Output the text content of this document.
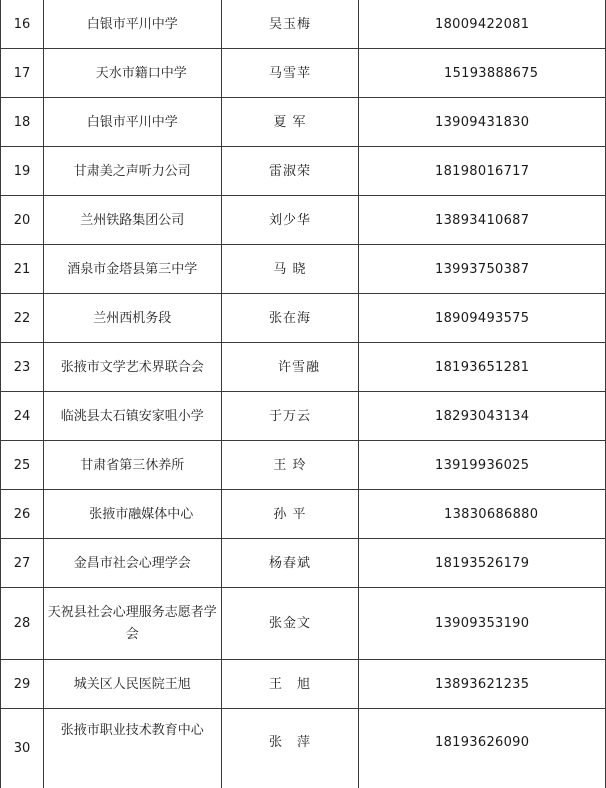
16	白银市平川中学	吴玉梅	18009422081
17	天水市籍口中学	马雪苹	15193888675
18	白银市平川中学	夏 军	13909431830
19	甘肃美之声听力公司	雷淑荣	18198016717
20	兰州铁路集团公司	刘少华	13893410687
21	酒泉市金塔县第三中学	马 晓	13993750387
22	兰州西机务段	张在海	18909493575
23	张掖市文学艺术界联合会	许雪融	18193651281
24	临洮县太石镇安家咀小学	于万云	18293043134
25	甘肃省第三休养所	王 玲	13919936025
26	张掖市融媒体中心	孙 平	13830686880
27	金昌市社会心理学会	杨春斌	18193526179
28	天祝县社会心理服务志愿者学会	张金文	13909353190
29	城关区人民医院王旭	王　旭	13893621235
30	张掖市职业技术教育中心	张　萍	18193626090
